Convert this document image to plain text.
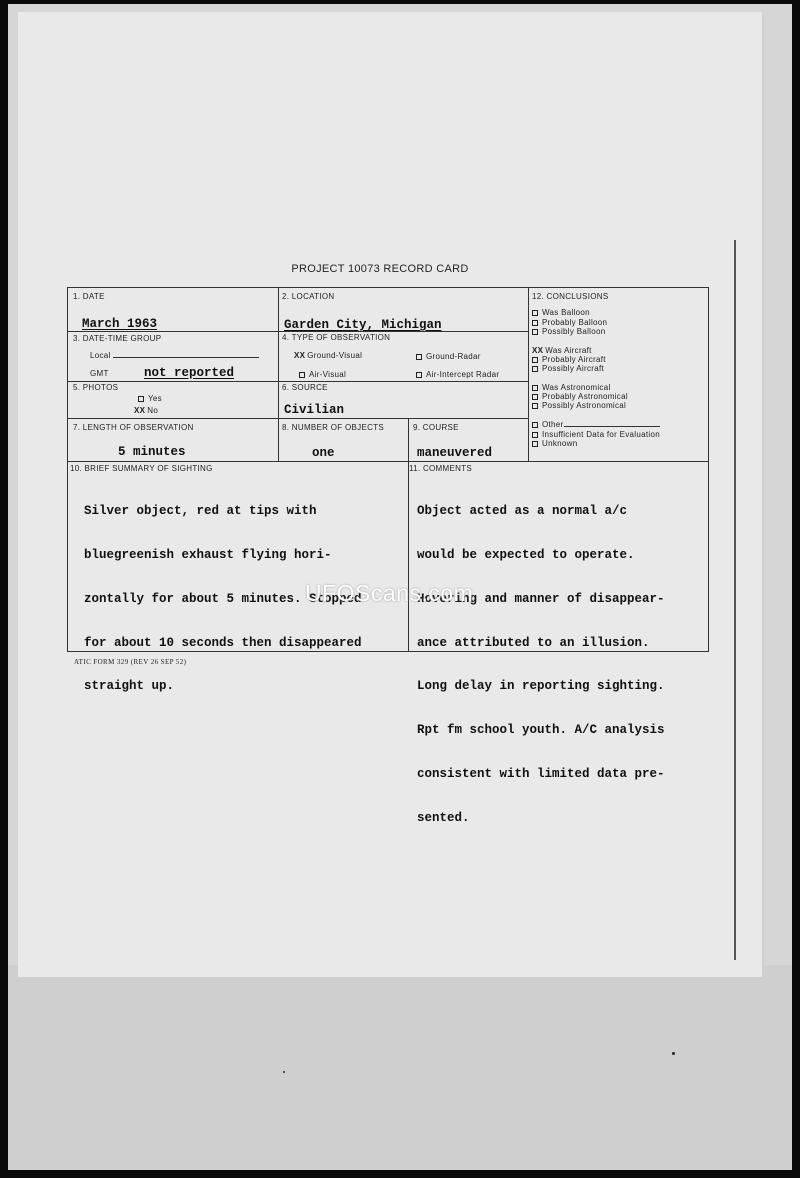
PROJECT 10073 RECORD CARD
1. DATE
March 1963
2. LOCATION
Garden City, Michigan
12. CONCLUSIONS
Was Balloon
Probably Balloon
Possibly Balloon
XX Was Aircraft
Probably Aircraft
Possibly Aircraft
Was Astronomical
Probably Astronomical
Possibly Astronomical
Other
Insufficient Data for Evaluation
Unknown
3. DATE-TIME GROUP
Local
GMT	not reported
4. TYPE OF OBSERVATION
XX Ground-Visual	Ground-Radar
Air-Visual	Air-Intercept Radar
5. PHOTOS
Yes
XX No
6. SOURCE
Civilian
7. LENGTH OF OBSERVATION
5 minutes
8. NUMBER OF OBJECTS
one
9. COURSE
maneuvered
10. BRIEF SUMMARY OF SIGHTING

Silver object, red at tips with

bluegreenish exhaust flying hori-

zontally for about 5 minutes. Stopped

for about 10 seconds then disappeared

straight up.

11. COMMENTS

Object acted as a normal a/c

would be expected to operate.

Hovering and manner of disappear-

ance attributed to an illusion.

Long delay in reporting sighting.

Rpt fm school youth. A/C analysis

consistent with limited data pre-

sented.

UFOScans.com
ATIC FORM 329 (REV 26 SEP 52)
